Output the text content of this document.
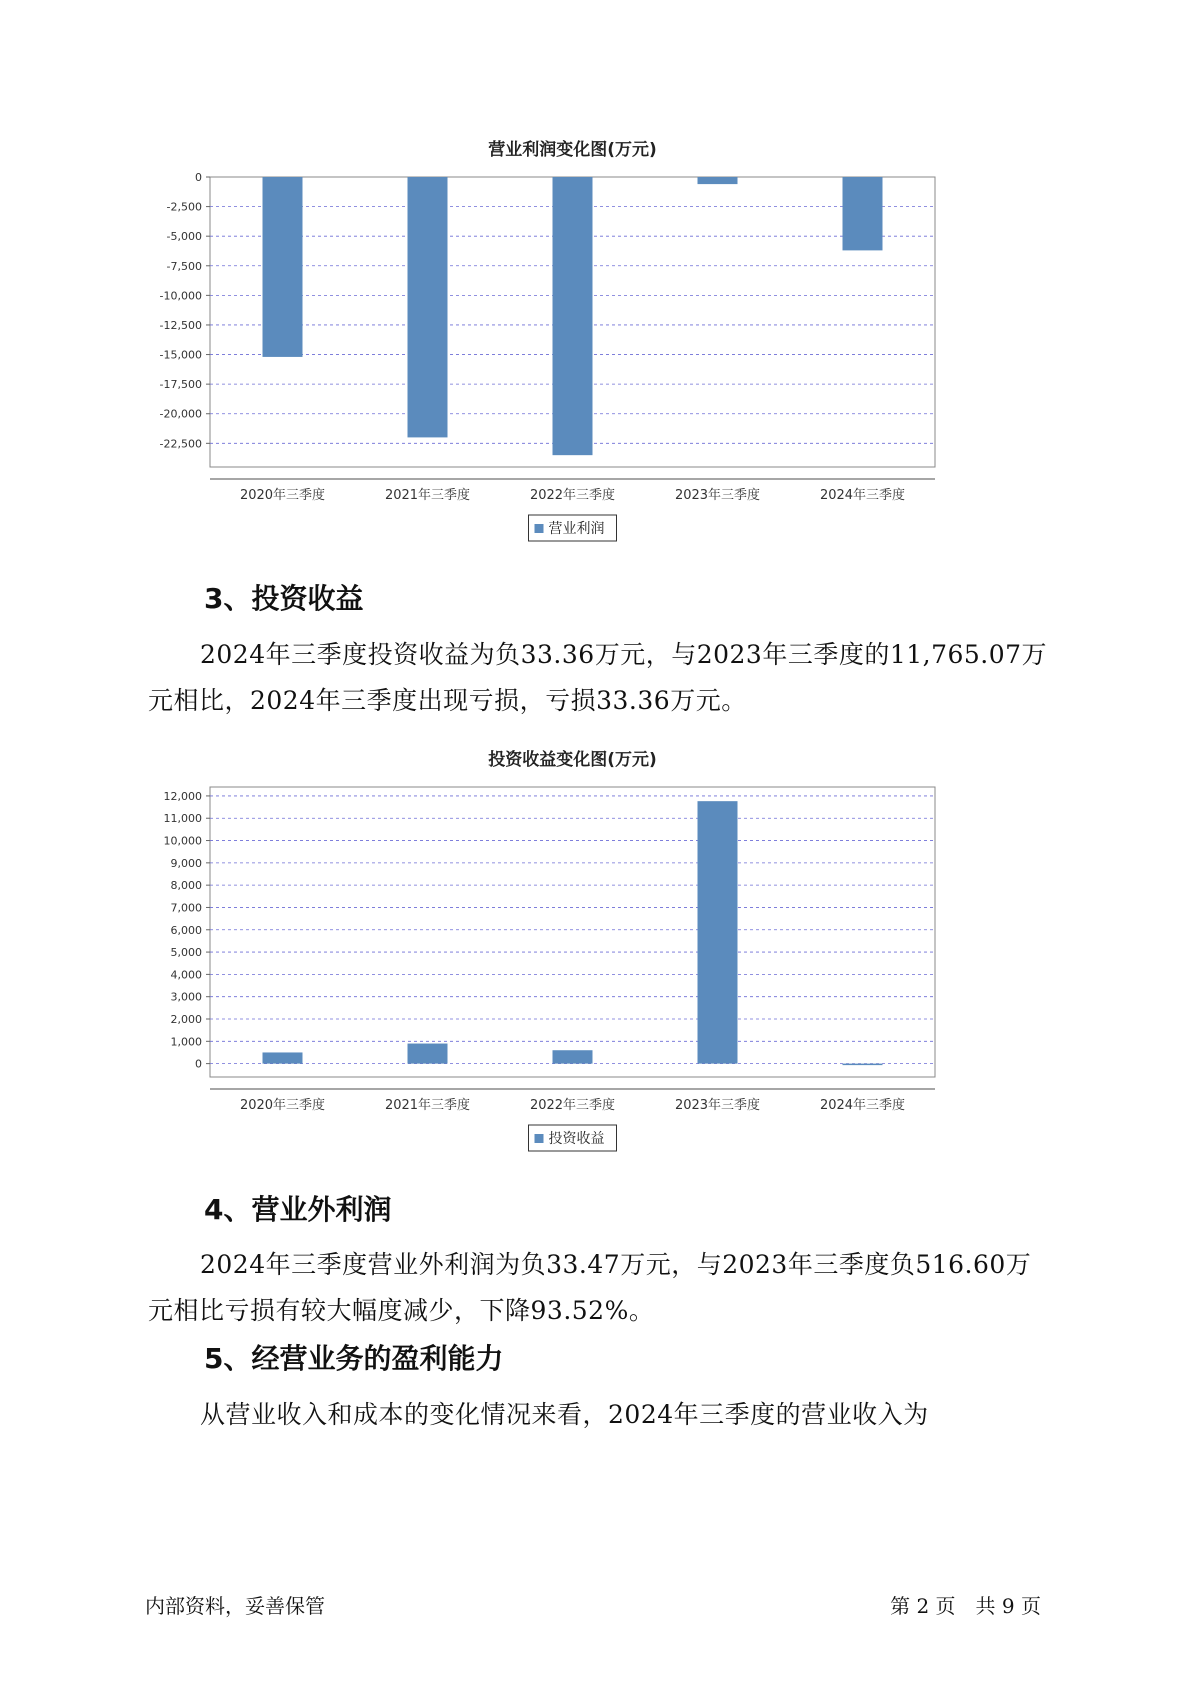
营业利润变化图(万元)
0
-2,500
-5,000
-7,500
-10,000
-12,500
-15,000
-17,500
-20,000
-22,500
2020年三季度	2021年三季度	2022年三季度	2023年三季度	2024年三季度
营业利润
3、投资收益

2024年三季度投资收益为负33.36万元，与2023年三季度的11,765.07万元相比，2024年三季度出现亏损，亏损33.36万元。

投资收益变化图(万元)
0
1,000
2,000
3,000
4,000
5,000
6,000
7,000
8,000
9,000
10,000
11,000
12,000
2020年三季度	2021年三季度	2022年三季度	2023年三季度	2024年三季度
投资收益
4、营业外利润

2024年三季度营业外利润为负33.47万元，与2023年三季度负516.60万元相比亏损有较大幅度减少，下降93.52%。

5、经营业务的盈利能力

从营业收入和成本的变化情况来看，2024年三季度的营业收入为

内部资料，妥善保管	第 2 页　共 9 页
